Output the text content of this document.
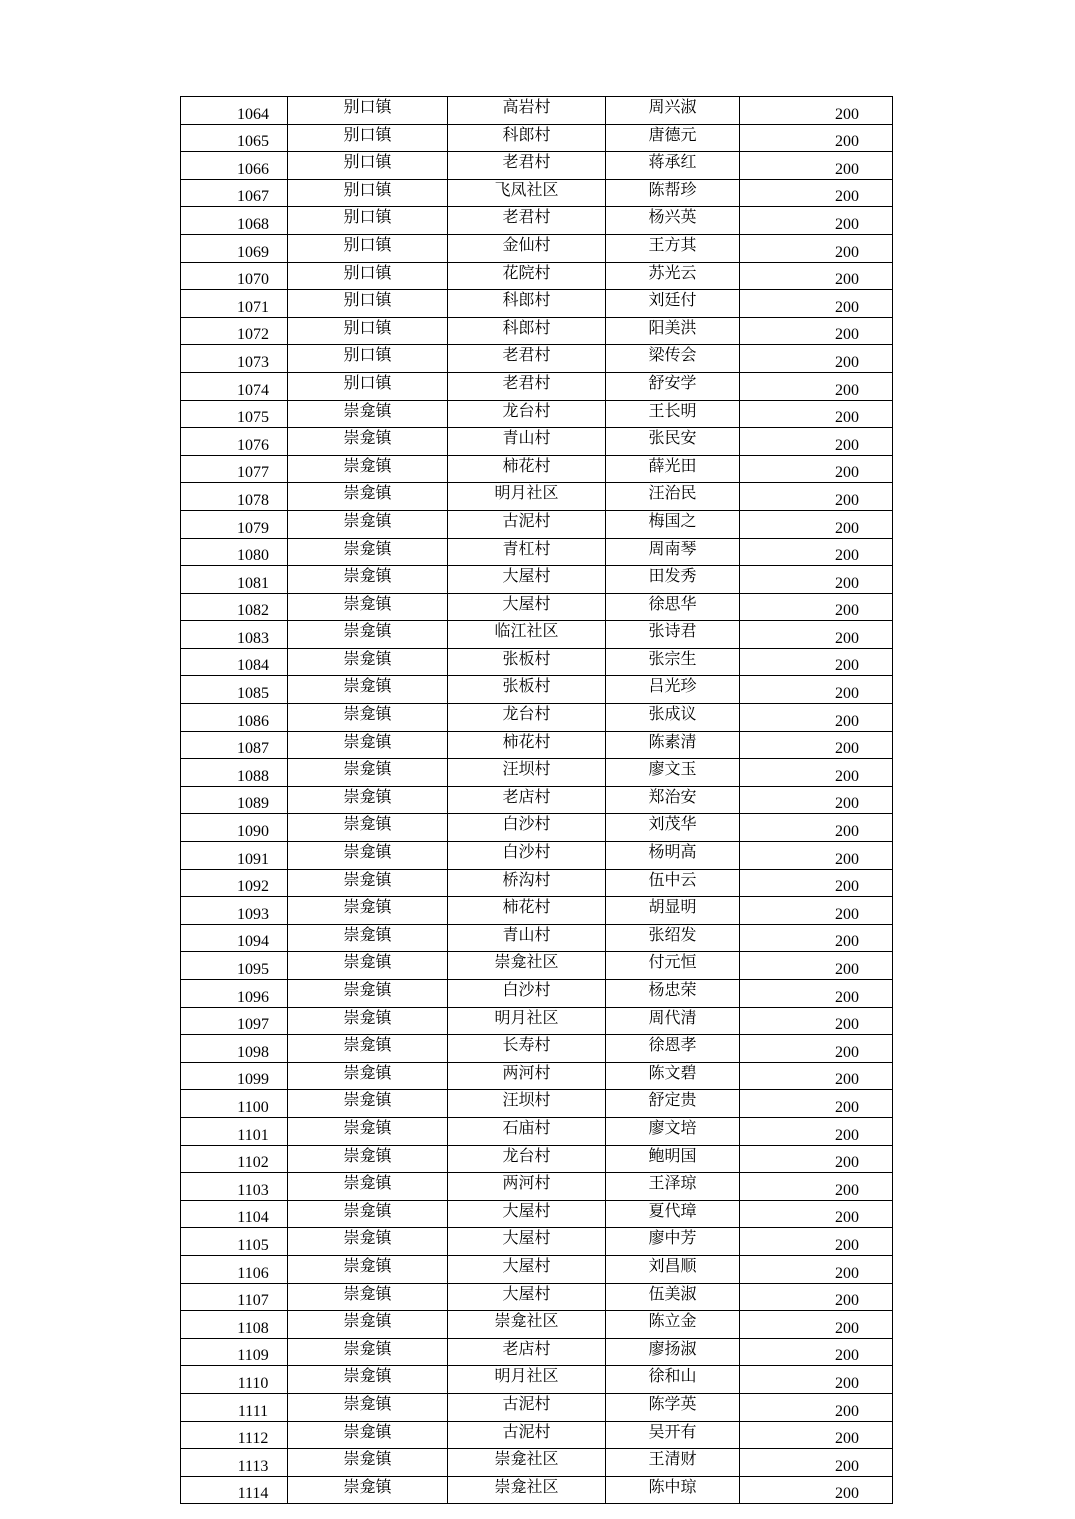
1064	别口镇	高岩村	周兴淑	200
1065	别口镇	科郎村	唐德元	200
1066	别口镇	老君村	蒋承红	200
1067	别口镇	飞凤社区	陈帮珍	200
1068	别口镇	老君村	杨兴英	200
1069	别口镇	金仙村	王方其	200
1070	别口镇	花院村	苏光云	200
1071	别口镇	科郎村	刘廷付	200
1072	别口镇	科郎村	阳美洪	200
1073	别口镇	老君村	梁传会	200
1074	别口镇	老君村	舒安学	200
1075	崇龛镇	龙台村	王长明	200
1076	崇龛镇	青山村	张民安	200
1077	崇龛镇	柿花村	薛光田	200
1078	崇龛镇	明月社区	汪治民	200
1079	崇龛镇	古泥村	梅国之	200
1080	崇龛镇	青杠村	周南琴	200
1081	崇龛镇	大屋村	田发秀	200
1082	崇龛镇	大屋村	徐思华	200
1083	崇龛镇	临江社区	张诗君	200
1084	崇龛镇	张板村	张宗生	200
1085	崇龛镇	张板村	吕光珍	200
1086	崇龛镇	龙台村	张成议	200
1087	崇龛镇	柿花村	陈素清	200
1088	崇龛镇	汪坝村	廖文玉	200
1089	崇龛镇	老店村	郑治安	200
1090	崇龛镇	白沙村	刘茂华	200
1091	崇龛镇	白沙村	杨明高	200
1092	崇龛镇	桥沟村	伍中云	200
1093	崇龛镇	柿花村	胡显明	200
1094	崇龛镇	青山村	张绍发	200
1095	崇龛镇	崇龛社区	付元恒	200
1096	崇龛镇	白沙村	杨忠荣	200
1097	崇龛镇	明月社区	周代清	200
1098	崇龛镇	长寿村	徐恩孝	200
1099	崇龛镇	两河村	陈文碧	200
1100	崇龛镇	汪坝村	舒定贵	200
1101	崇龛镇	石庙村	廖文培	200
1102	崇龛镇	龙台村	鲍明国	200
1103	崇龛镇	两河村	王泽琼	200
1104	崇龛镇	大屋村	夏代璋	200
1105	崇龛镇	大屋村	廖中芳	200
1106	崇龛镇	大屋村	刘昌顺	200
1107	崇龛镇	大屋村	伍美淑	200
1108	崇龛镇	崇龛社区	陈立金	200
1109	崇龛镇	老店村	廖扬淑	200
1110	崇龛镇	明月社区	徐和山	200
1111	崇龛镇	古泥村	陈学英	200
1112	崇龛镇	古泥村	吴开有	200
1113	崇龛镇	崇龛社区	王清财	200
1114	崇龛镇	崇龛社区	陈中琼	200
